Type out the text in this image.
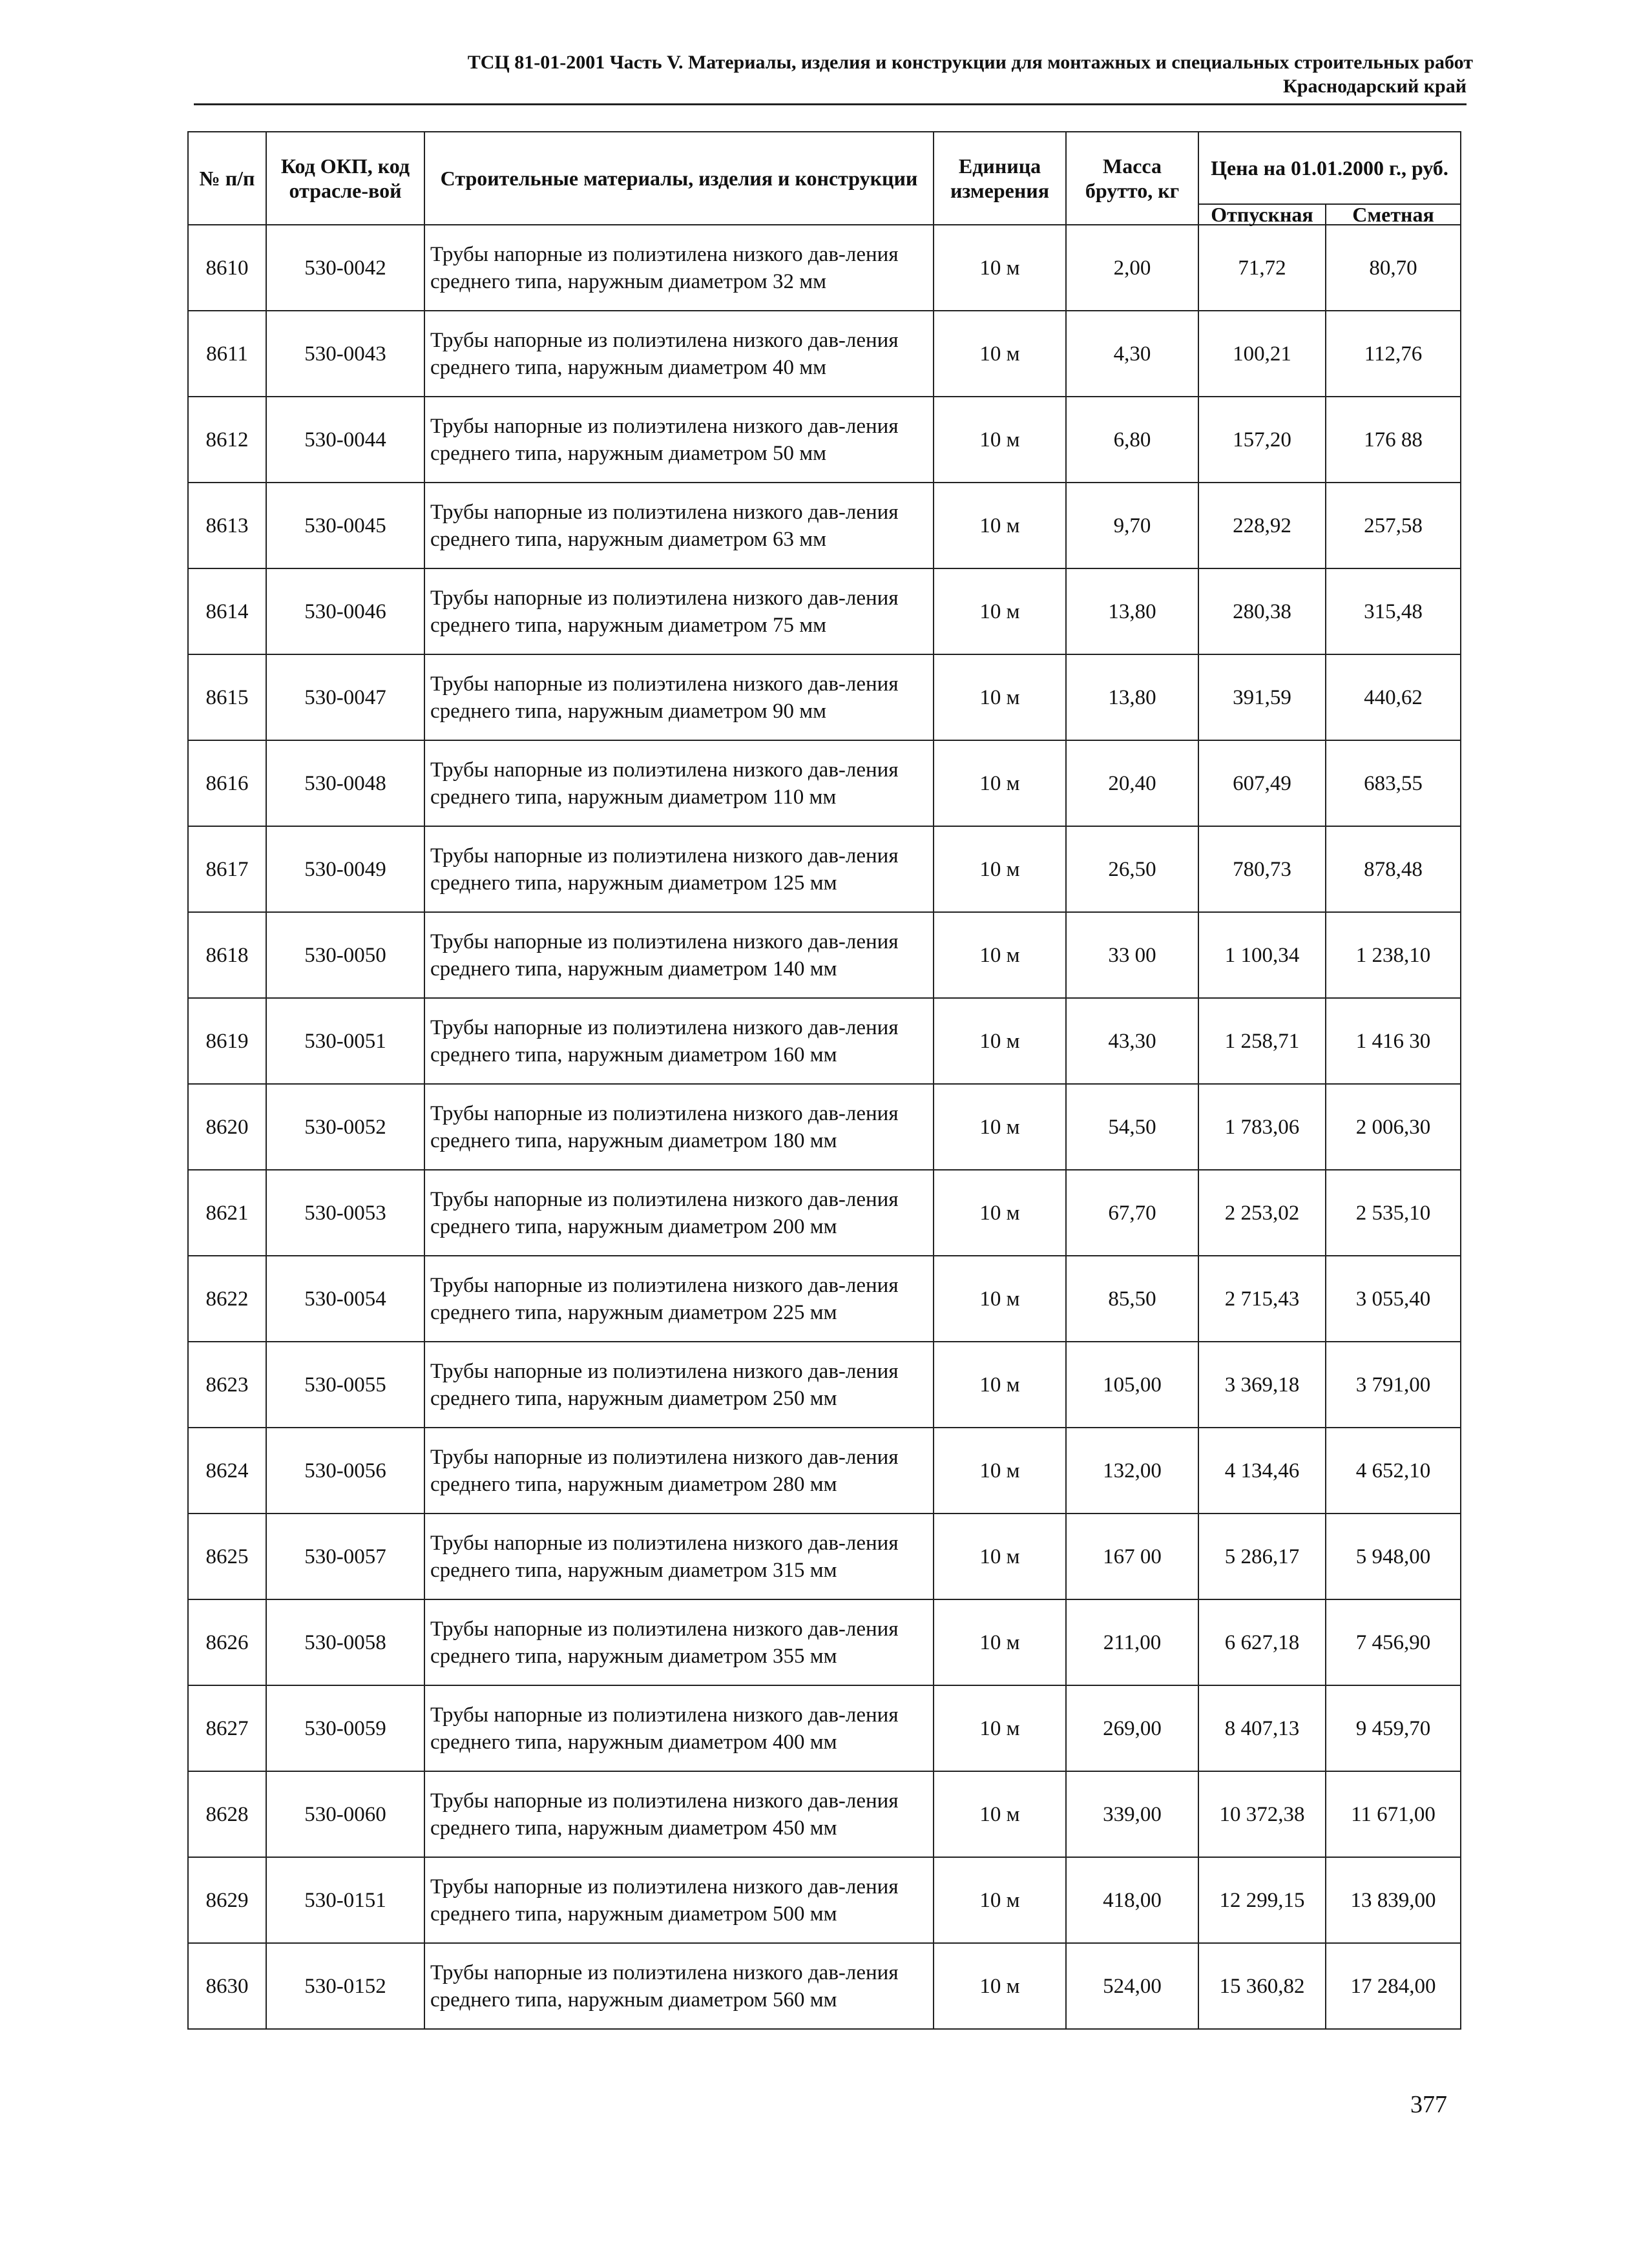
ТСЦ 81-01-2001 Часть V. Материалы, изделия и конструкции для монтажных и специальных строительных работ
Краснодарский край
№ п/п	Код ОКП, код отрасле-вой	Строительные материалы, изделия и конструкции	Единица измерения	Масса брутто, кг	Цена на 01.01.2000 г., руб.	
					Отпускная	Сметная
8610	530-0042	Трубы напорные из полиэтилена низкого дав-ления среднего типа, наружным диаметром 32 мм	10 м	2,00	71,72	80,70
8611	530-0043	Трубы напорные из полиэтилена низкого дав-ления среднего типа, наружным диаметром 40 мм	10 м	4,30	100,21	112,76
8612	530-0044	Трубы напорные из полиэтилена низкого дав-ления среднего типа, наружным диаметром 50 мм	10 м	6,80	157,20	176 88
8613	530-0045	Трубы напорные из полиэтилена низкого дав-ления среднего типа, наружным диаметром 63 мм	10 м	9,70	228,92	257,58
8614	530-0046	Трубы напорные из полиэтилена низкого дав-ления среднего типа, наружным диаметром 75 мм	10 м	13,80	280,38	315,48
8615	530-0047	Трубы напорные из полиэтилена низкого дав-ления среднего типа, наружным диаметром 90 мм	10 м	13,80	391,59	440,62
8616	530-0048	Трубы напорные из полиэтилена низкого дав-ления среднего типа, наружным диаметром 110 мм	10 м	20,40	607,49	683,55
8617	530-0049	Трубы напорные из полиэтилена низкого дав-ления среднего типа, наружным диаметром 125 мм	10 м	26,50	780,73	878,48
8618	530-0050	Трубы напорные из полиэтилена низкого дав-ления среднего типа, наружным диаметром 140 мм	10 м	33 00	1 100,34	1 238,10
8619	530-0051	Трубы напорные из полиэтилена низкого дав-ления среднего типа, наружным диаметром 160 мм	10 м	43,30	1 258,71	1 416 30
8620	530-0052	Трубы напорные из полиэтилена низкого дав-ления среднего типа, наружным диаметром 180 мм	10 м	54,50	1 783,06	2 006,30
8621	530-0053	Трубы напорные из полиэтилена низкого дав-ления среднего типа, наружным диаметром 200 мм	10 м	67,70	2 253,02	2 535,10
8622	530-0054	Трубы напорные из полиэтилена низкого дав-ления среднего типа, наружным диаметром 225 мм	10 м	85,50	2 715,43	3 055,40
8623	530-0055	Трубы напорные из полиэтилена низкого дав-ления среднего типа, наружным диаметром 250 мм	10 м	105,00	3 369,18	3 791,00
8624	530-0056	Трубы напорные из полиэтилена низкого дав-ления среднего типа, наружным диаметром 280 мм	10 м	132,00	4 134,46	4 652,10
8625	530-0057	Трубы напорные из полиэтилена низкого дав-ления среднего типа, наружным диаметром 315 мм	10 м	167 00	5 286,17	5 948,00
8626	530-0058	Трубы напорные из полиэтилена низкого дав-ления среднего типа, наружным диаметром 355 мм	10 м	211,00	6 627,18	7 456,90
8627	530-0059	Трубы напорные из полиэтилена низкого дав-ления среднего типа, наружным диаметром 400 мм	10 м	269,00	8 407,13	9 459,70
8628	530-0060	Трубы напорные из полиэтилена низкого дав-ления среднего типа, наружным диаметром 450 мм	10 м	339,00	10 372,38	11 671,00
8629	530-0151	Трубы напорные из полиэтилена низкого дав-ления среднего типа, наружным диаметром 500 мм	10 м	418,00	12 299,15	13 839,00
8630	530-0152	Трубы напорные из полиэтилена низкого дав-ления среднего типа, наружным диаметром 560 мм	10 м	524,00	15 360,82	17 284,00
377
